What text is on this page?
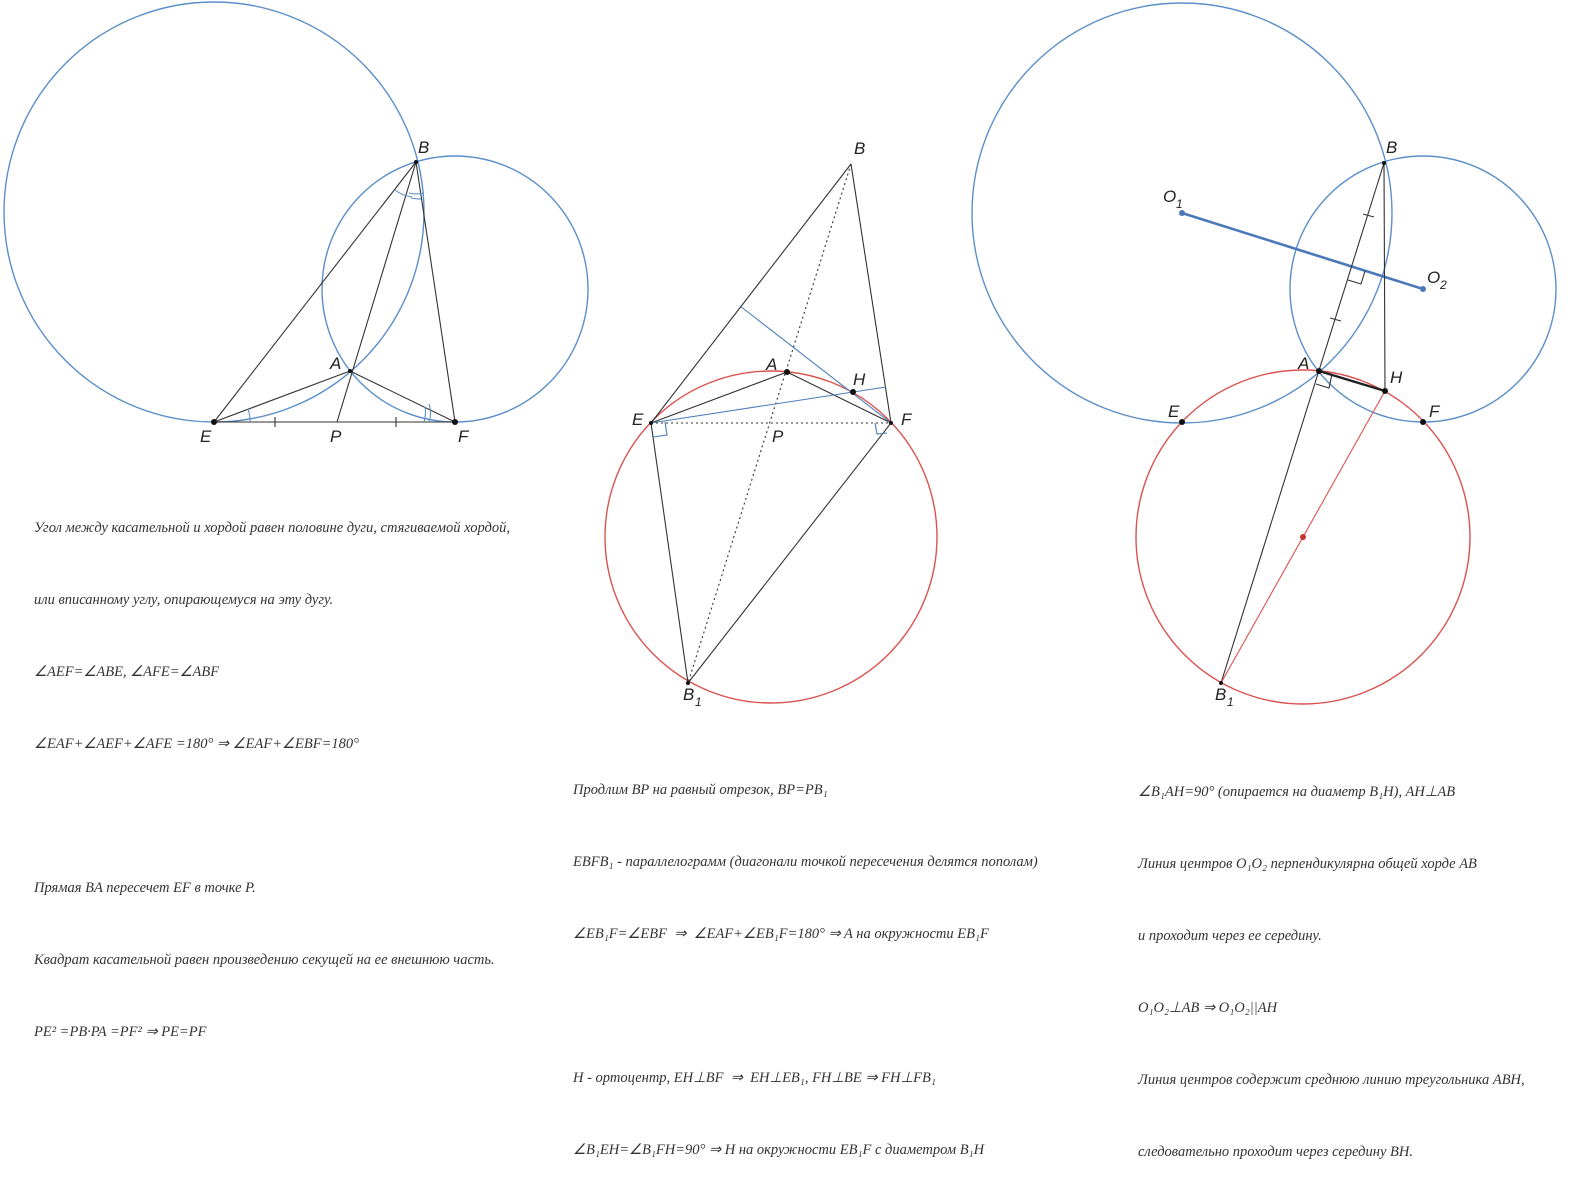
B
A
E	P	F
B
A
H
E
P
F
B 1
B
O 1
O 2
A
H
E	F
B 1

Угол между касательной и хордой равен половине дуги, стягиваемой хордой,

или вписанному углу, опирающемуся на эту дугу.

∠AEF=∠ABE, ∠AFE=∠ABF

∠EAF+∠AEF+∠AFE =180° ⇒ ∠EAF+∠EBF=180°

Прямая BA пересечет EF в точке P.

Квадрат касательной равен произведению секущей на ее внешнюю часть.

PE² =PB·PA =PF² ⇒ PE=PF

Продлим BP на равный отрезок, BP=PB₁

EBFB₁ - параллелограмм (диагонали точкой пересечения делятся пополам)

∠EB₁F=∠EBF  ⇒  ∠EAF+∠EB₁F=180° ⇒ A на окружности EB₁F

H - ортоцентр, EH⊥BF  ⇒  EH⊥EB₁, FH⊥BE ⇒ FH⊥FB₁

∠B₁EH=∠B₁FH=90° ⇒ H на окружности EB₁F с диаметром B₁H

∠B₁AH=90° (опирается на диаметр B₁H), AH⊥AB

Линия центров O₁O₂ перпендикулярна общей хорде AB

и проходит через ее середину.

O₁O₂⊥AB ⇒ O₁O₂||AH

Линия центров содержит среднюю линию треугольника ABH,

следовательно проходит через середину BH.
